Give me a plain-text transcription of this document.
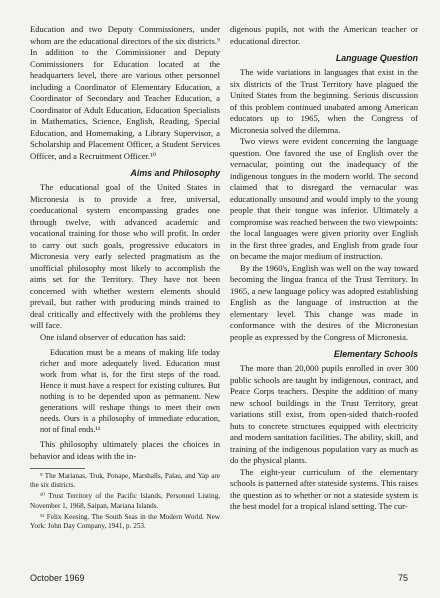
Education and two Deputy Commissioners, under whom are the educational directors of the six districts.⁹ In addition to the Commissioner and Deputy Commissioners for Education located at the headquarters level, there are various other personnel including a Coordinator of Elementary Education, a Coordinator of Secondary and Teacher Education, a Coordinator of Adult Education, Education Specialists in Mathematics, Science, English, Reading, Special Education, and Homemaking, a Library Supervisor, a Scholarship and Placement Officer, a Student Services Officer, and a Recruitment Officer.¹⁰

Aims and Philosophy

The educational goal of the United States in Micronesia is to provide a free, universal, coeducational system encompassing grades one through twelve, with advanced academic and vocational training for those who will profit. In order to carry out such goals, progressive educators in Micronesia very early selected pragmatism as the unofficial philosophy most likely to accomplish the aims set for the Territory. They have not been concerned with whether western elements should prevail, but rather with producing minds trained to deal critically and effectively with the problems they will face.

One island observer of education has said:

Education must be a means of making life today richer and more adequately lived. Education must work from what is, for the first steps of the road. Hence it must have a respect for existing cultures. But nothing is to be depended upon as permanent. New generations will reshape things to meet their own needs. Ours is a philosophy of immediate education, not of final ends.¹¹

This philosophy ultimately places the choices in behavior and ideas with the in-

⁹ The Marianas, Truk, Ponape, Marshalls, Palau, and Yap are the six districts.

¹⁰ Trust Territory of the Pacific Islands, Personnel Listing, November 1, 1968, Saipan, Mariana Islands.

¹¹ Felix Keesing. The South Seas in the Modern World. New York: John Day Company, 1941, p. 253.

digenous pupils, not with the American teacher or educational director.

Language Question

The wide variations in languages that exist in the six districts of the Trust Territory have plagued the United States from the beginning. Serious discussion of this problem continued unabated among American educators up to 1965, when the Congress of Micronesia solved the dilemma.

Two views were evident concerning the language question. One favored the use of English over the vernacular, pointing out the inadequacy of the indigenous tongues in the modern world. The second claimed that to disregard the vernacular was educationally unsound and would imply to the young people that their tongue was inferior. Ultimately a compromise was reached between the two viewpoints: the local languages were given priority over English in the first three grades, and English from grade four on became the major medium of instruction.

By the 1960's, English was well on the way toward becoming the lingua franca of the Trust Territory. In 1965, a new language policy was adopted establishing English as the language of instruction at the elementary level. This change was made in conformance with the desires of the Micronesian people as expressed by the Congress of Micronesia.

Elementary Schools

The more than 20,000 pupils enrolled in over 300 public schools are taught by indigenous, contract, and Peace Corps teachers. Despite the addition of many new school buildings in the Trust Territory, great variations still exist, from open-sided thatch-roofed huts to concrete structures equipped with electricity and modern sanitation facilities. The ability, skill, and training of the indigenous population vary as much as do the physical plants.

The eight-year curriculum of the elementary schools is patterned after stateside systems. This raises the question as to whether or not a stateside system is the best model for a tropical island setting. The cur-

October 1969	75
